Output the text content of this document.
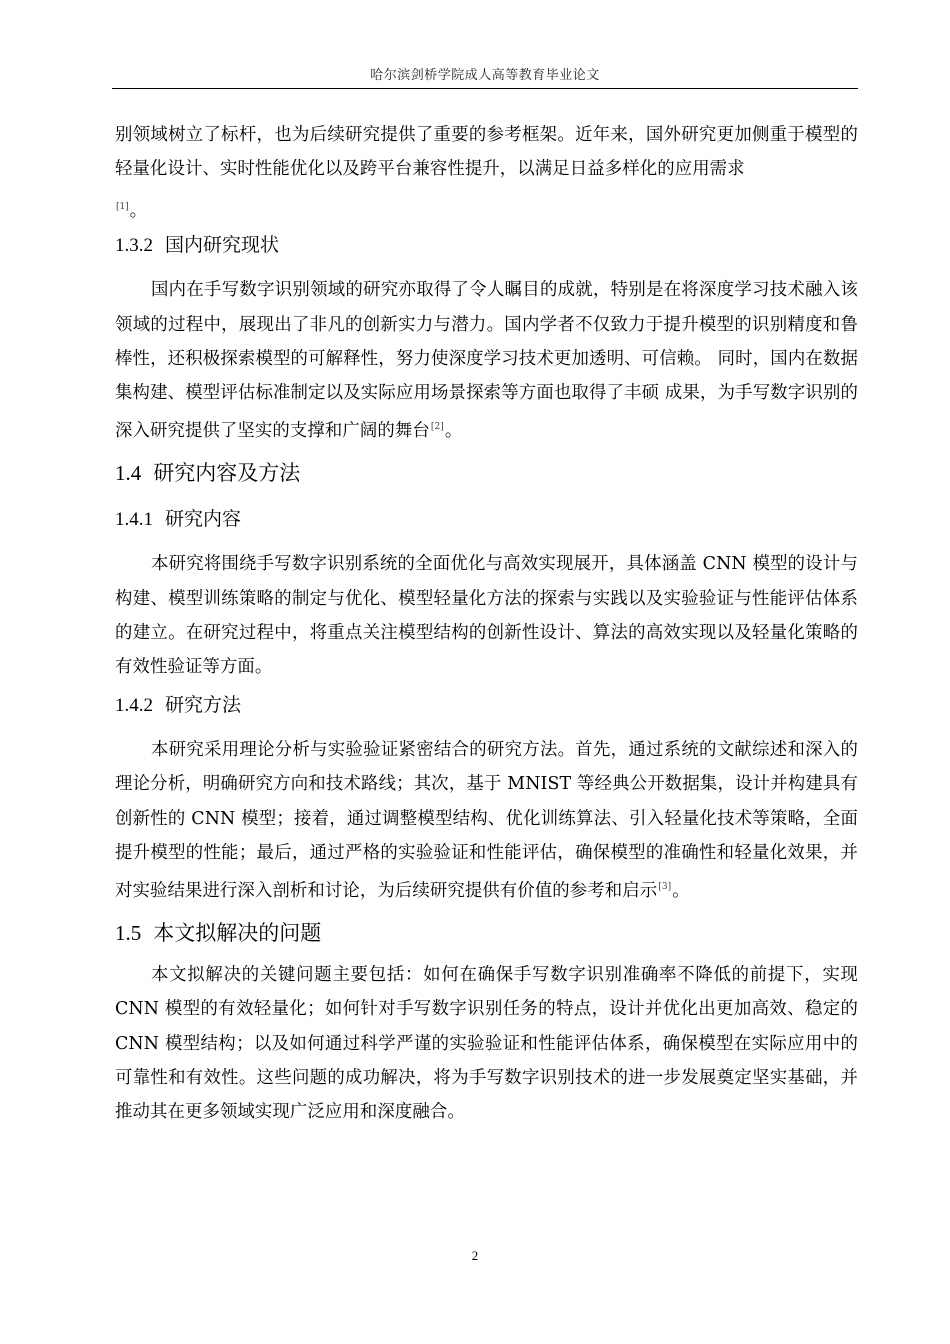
哈尔滨剑桥学院成人高等教育毕业论文

别领域树立了标杆，也为后续研究提供了重要的参考框架。近年来，国外研究更加侧重于模型的轻量化设计、实时性能优化以及跨平台兼容性提升，以满足日益多样化的应用需求

[1]。
1.3.2 国内研究现状

国内在手写数字识别领域的研究亦取得了令人瞩目的成就，特别是在将深度学习技术融入该领域的过程中，展现出了非凡的创新实力与潜力。国内学者不仅致力于提升模型的识别精度和鲁棒性，还积极探索模型的可解释性，努力使深度学习技术更加透明、可信赖。 同时，国内在数据集构建、模型评估标准制定以及实际应用场景探索等方面也取得了丰硕 成果，为手写数字识别的深入研究提供了坚实的支撑和广阔的舞台[2]。

1.4 研究内容及方法
1.4.1 研究内容

本研究将围绕手写数字识别系统的全面优化与高效实现展开，具体涵盖 CNN 模型的设计与构建、模型训练策略的制定与优化、模型轻量化方法的探索与实践以及实验验证与性能评估体系的建立。在研究过程中，将重点关注模型结构的创新性设计、算法的高效实现以及轻量化策略的有效性验证等方面。

1.4.2 研究方法

本研究采用理论分析与实验验证紧密结合的研究方法。首先，通过系统的文献综述和深入的理论分析，明确研究方向和技术路线；其次，基于 MNIST 等经典公开数据集，设计并构建具有创新性的 CNN 模型；接着，通过调整模型结构、优化训练算法、引入轻量化技术等策略，全面提升模型的性能；最后，通过严格的实验验证和性能评估，确保模型的准确性和轻量化效果，并对实验结果进行深入剖析和讨论，为后续研究提供有价值的参考和启示[3]。

1.5 本文拟解决的问题

本文拟解决的关键问题主要包括：如何在确保手写数字识别准确率不降低的前提下，实现 CNN 模型的有效轻量化；如何针对手写数字识别任务的特点，设计并优化出更加高效、稳定的 CNN 模型结构；以及如何通过科学严谨的实验验证和性能评估体系，确保模型在实际应用中的可靠性和有效性。这些问题的成功解决，将为手写数字识别技术的进一步发展奠定坚实基础，并推动其在更多领域实现广泛应用和深度融合。

2
